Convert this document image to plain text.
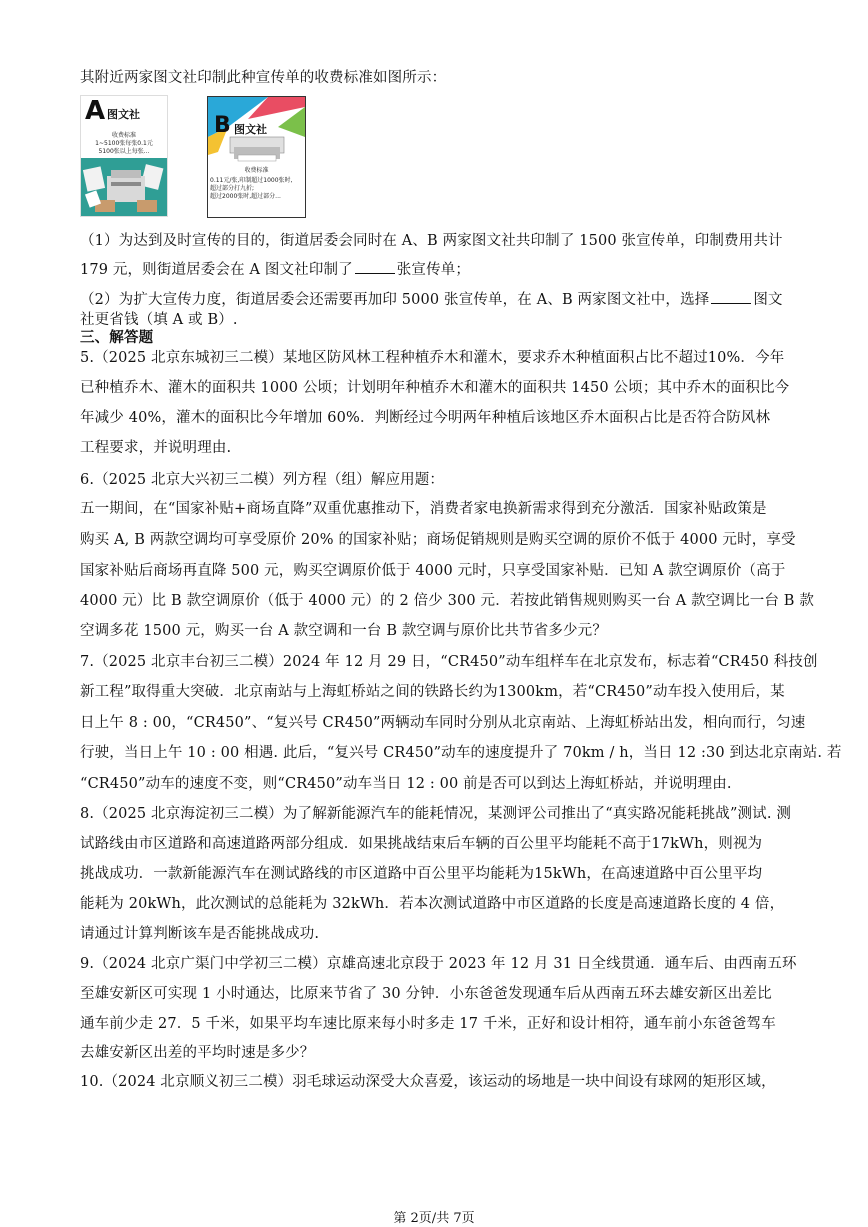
其附近两家图文社印制此种宣传单的收费标准如图所示：
A 图文社
收费标准
1~5100张每张0.1元
5100张以上每张...
B 图文社
收费标准
0.11元/张,印制超过1000张时,
超过部分打九折;
超过2000张时,超过部分...
（1）为达到及时宣传的目的，街道居委会同时在 A、B 两家图文社共印制了 1500 张宣传单，印制费用共计
179 元，则街道居委会在 A 图文社印制了	张宣传单；
（2）为扩大宣传力度，街道居委会还需要再加印 5000 张宣传单，在 A、B 两家图文社中，选择	图文
社更省钱（填 A 或 B）.
三、解答题
5.（2025 北京东城初三二模）某地区防风林工程种植乔木和灌木，要求乔木种植面积占比不超过10%．今年
已种植乔木、灌木的面积共 1000 公顷；计划明年种植乔木和灌木的面积共 1450 公顷；其中乔木的面积比今
年减少 40%，灌木的面积比今年增加 60%．判断经过今明两年种植后该地区乔木面积占比是否符合防风林
工程要求，并说明理由.
6.（2025 北京大兴初三二模）列方程（组）解应用题：
五一期间，在“国家补贴+商场直降”双重优惠推动下，消费者家电换新需求得到充分激活．国家补贴政策是
购买 A, B 两款空调均可享受原价 20% 的国家补贴；商场促销规则是购买空调的原价不低于 4000 元时，享受
国家补贴后商场再直降 500 元，购买空调原价低于 4000 元时，只享受国家补贴．已知 A 款空调原价（高于
4000 元）比 B 款空调原价（低于 4000 元）的 2 倍少 300 元．若按此销售规则购买一台 A 款空调比一台 B 款
空调多花 1500 元，购买一台 A 款空调和一台 B 款空调与原价比共节省多少元？
7.（2025 北京丰台初三二模）2024 年 12 月 29 日，“CR450”动车组样车在北京发布，标志着“CR450 科技创
新工程”取得重大突破．北京南站与上海虹桥站之间的铁路长约为1300km，若“CR450”动车投入使用后，某
日上午 8 : 00，“CR450”、“复兴号 CR450”两辆动车同时分别从北京南站、上海虹桥站出发，相向而行，匀速
行驶，当日上午 10 : 00 相遇. 此后，“复兴号 CR450”动车的速度提升了 70km / h，当日 12 :30 到达北京南站. 若
“CR450”动车的速度不变，则“CR450”动车当日 12 : 00 前是否可以到达上海虹桥站，并说明理由.
8.（2025 北京海淀初三二模）为了解新能源汽车的能耗情况，某测评公司推出了“真实路况能耗挑战”测试. 测
试路线由市区道路和高速道路两部分组成．如果挑战结束后车辆的百公里平均能耗不高于17kWh，则视为
挑战成功．一款新能源汽车在测试路线的市区道路中百公里平均能耗为15kWh，在高速道路中百公里平均
能耗为 20kWh，此次测试的总能耗为 32kWh．若本次测试道路中市区道路的长度是高速道路长度的 4 倍，
请通过计算判断该车是否能挑战成功.
9.（2024 北京广渠门中学初三二模）京雄高速北京段于 2023 年 12 月 31 日全线贯通．通车后、由西南五环
至雄安新区可实现 1 小时通达，比原来节省了 30 分钟．小东爸爸发现通车后从西南五环去雄安新区出差比
通车前少走 27．5 千米，如果平均车速比原来每小时多走 17 千米，正好和设计相符，通车前小东爸爸驾车
去雄安新区出差的平均时速是多少？
10.（2024 北京顺义初三二模）羽毛球运动深受大众喜爱，该运动的场地是一块中间设有球网的矩形区域，
第 2页/共 7页
